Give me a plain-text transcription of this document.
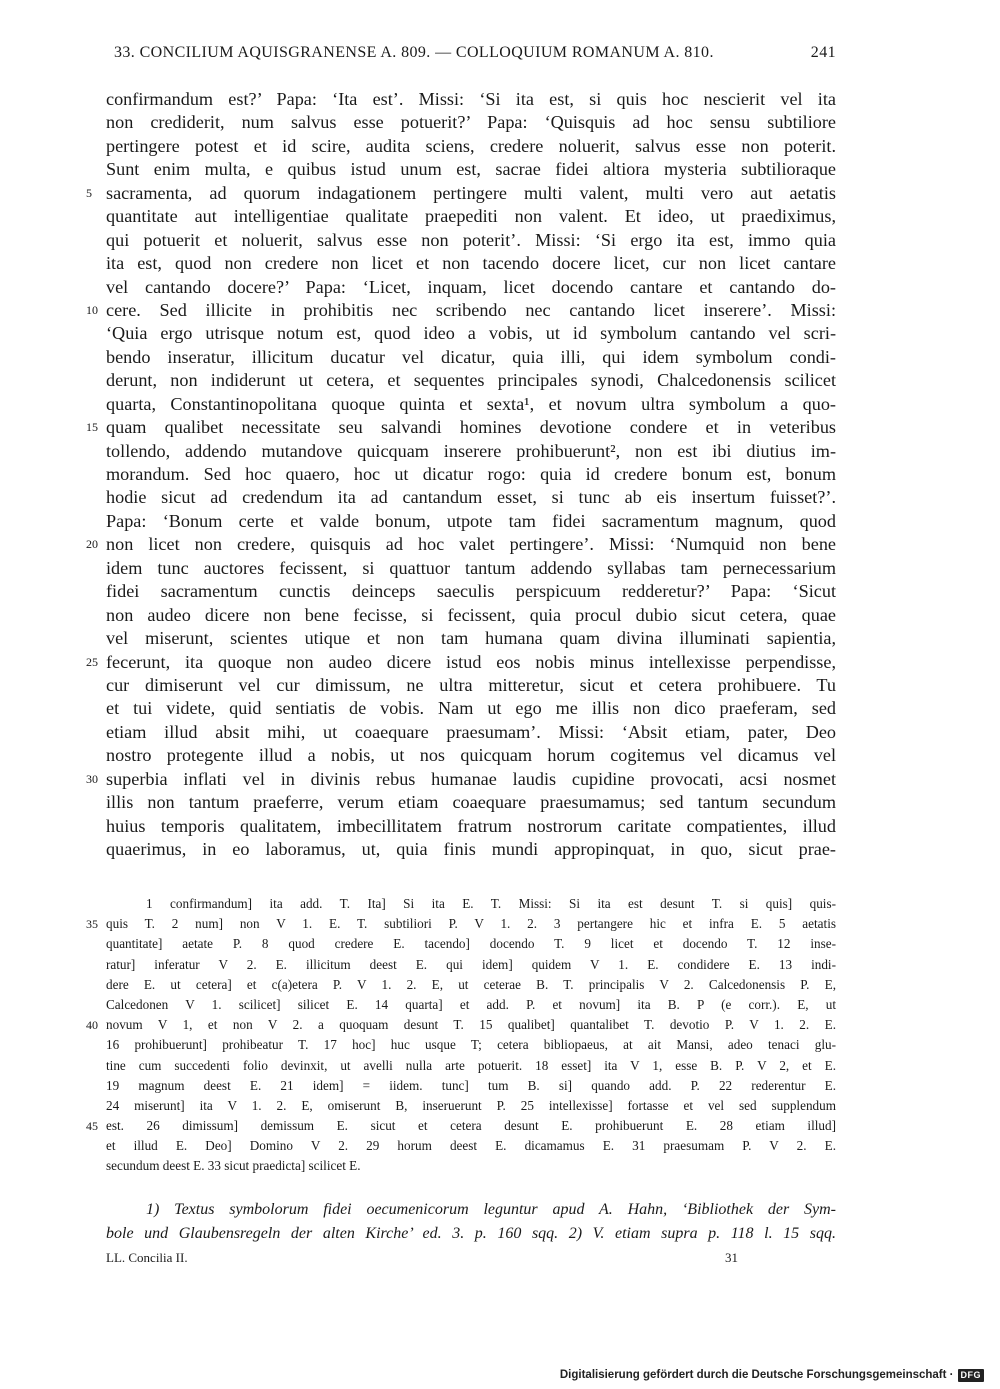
33. CONCILIUM AQUISGRANENSE A. 809. — COLLOQUIUM ROMANUM A. 810.	241
confirmandum est?’ Papa: ‘Ita est’. Missi: ‘Si ita est, si quis hoc nescierit vel ita
non crediderit, num salvus esse potuerit?’ Papa: ‘Quisquis ad hoc sensu subtiliore
pertingere potest et id scire, audita sciens, credere noluerit, salvus esse non poterit.
Sunt enim multa, e quibus istud unum est, sacrae fidei altiora mysteria subtilioraque
sacramenta, ad quorum indagationem pertingere multi valent, multi vero aut aetatis
5
quantitate aut intelligentiae qualitate praepediti non valent. Et ideo, ut praediximus,
qui potuerit et noluerit, salvus esse non poterit’. Missi: ‘Si ergo ita est, immo quia
ita est, quod non credere non licet et non tacendo docere licet, cur non licet cantare
vel cantando docere?’ Papa: ‘Licet, inquam, licet docendo cantare et cantando do-
cere. Sed illicite in prohibitis nec scribendo nec cantando licet inserere’. Missi:
10
‘Quia ergo utrisque notum est, quod ideo a vobis, ut id symbolum cantando vel scri-
bendo inseratur, illicitum ducatur vel dicatur, quia illi, qui idem symbolum condi-
derunt, non indiderunt ut cetera, et sequentes principales synodi, Chalcedonensis scilicet
quarta, Constantinopolitana quoque quinta et sexta¹, et novum ultra symbolum a quo-
quam qualibet necessitate seu salvandi homines devotione condere et in veteribus
15
tollendo, addendo mutandove quicquam inserere prohibuerunt², non est ibi diutius im-
morandum. Sed hoc quaero, hoc ut dicatur rogo: quia id credere bonum est, bonum
hodie sicut ad credendum ita ad cantandum esset, si tunc ab eis insertum fuisset?’.
Papa: ‘Bonum certe et valde bonum, utpote tam fidei sacramentum magnum, quod
non licet non credere, quisquis ad hoc valet pertingere’. Missi: ‘Numquid non bene
20
idem tunc auctores fecissent, si quattuor tantum addendo syllabas tam pernecessarium
fidei sacramentum cunctis deinceps saeculis perspicuum redderetur?’ Papa: ‘Sicut
non audeo dicere non bene fecisse, si fecissent, quia procul dubio sicut cetera, quae
vel miserunt, scientes utique et non tam humana quam divina illuminati sapientia,
fecerunt, ita quoque non audeo dicere istud eos nobis minus intellexisse perpendisse,
25
cur dimiserunt vel cur dimissum, ne ultra mitteretur, sicut et cetera prohibuere. Tu
et tui videte, quid sentiatis de vobis. Nam ut ego me illis non dico praeferam, sed
etiam illud absit mihi, ut coaequare praesumam’. Missi: ‘Absit etiam, pater, Deo
nostro protegente illud a nobis, ut nos quicquam horum cogitemus vel dicamus vel
superbia inflati vel in divinis rebus humanae laudis cupidine provocati, acsi nosmet
30
illis non tantum praeferre, verum etiam coaequare praesumamus; sed tantum secundum
huius temporis qualitatem, imbecillitatem fratrum nostrorum caritate compatientes, illud
quaerimus, in eo laboramus, ut, quia finis mundi appropinquat, in quo, sicut prae-
1 confirmandum] ita add. T. Ita] Si ita E. T. Missi: Si ita est desunt T. si quis] quis-
quis T. 2 num] non V 1. E. T. subtiliori P. V 1. 2. 3 pertangere hic et infra E. 5 aetatis
35
quantitate] aetate P. 8 quod credere E. tacendo] docendo T. 9 licet et docendo T. 12 inse-
ratur] inferatur V 2. E. illicitum deest E. qui idem] quidem V 1. E. condidere E. 13 indi-
dere E. ut cetera] et c(a)etera P. V 1. 2. E, ut ceterae B. T. principalis V 2. Calcedonensis P. E,
Calcedonen V 1. scilicet] silicet E. 14 quarta] et add. P. et novum] ita B. P (e corr.). E, ut
novum V 1, et non V 2. a quoquam desunt T. 15 qualibet] quantalibet T. devotio P. V 1. 2. E.
40
16 prohibuerunt] prohibeatur T. 17 hoc] huc usque T; cetera bibliopaeus, at ait Mansi, adeo tenaci glu-
tine cum succedenti folio devinxit, ut avelli nulla arte potuerit. 18 esset] ita V 1, esse B. P. V 2, et E.
19 magnum deest E. 21 idem] = iidem. tunc] tum B. si] quando add. P. 22 rederentur E.
24 miserunt] ita V 1. 2. E, omiserunt B, inseruerunt P. 25 intellexisse] fortasse et vel sed supplendum
est. 26 dimissum] demissum E. sicut et cetera desunt E. prohibuerunt E. 28 etiam illud]
45
et illud E. Deo] Domino V 2. 29 horum deest E. dicamamus E. 31 praesumam P. V 2. E.
secundum deest E. 33 sicut praedicta] scilicet E.
1) Textus symbolorum fidei oecumenicorum leguntur apud A. Hahn, ‘Bibliothek der Sym-
bole und Glaubensregeln der alten Kirche’ ed. 3. p. 160 sqq. 2) V. etiam supra p. 118 l. 15 sqq.
LL. Concilia II.	31
Digitalisierung gefördert durch die Deutsche Forschungsgemeinschaft · DFG
